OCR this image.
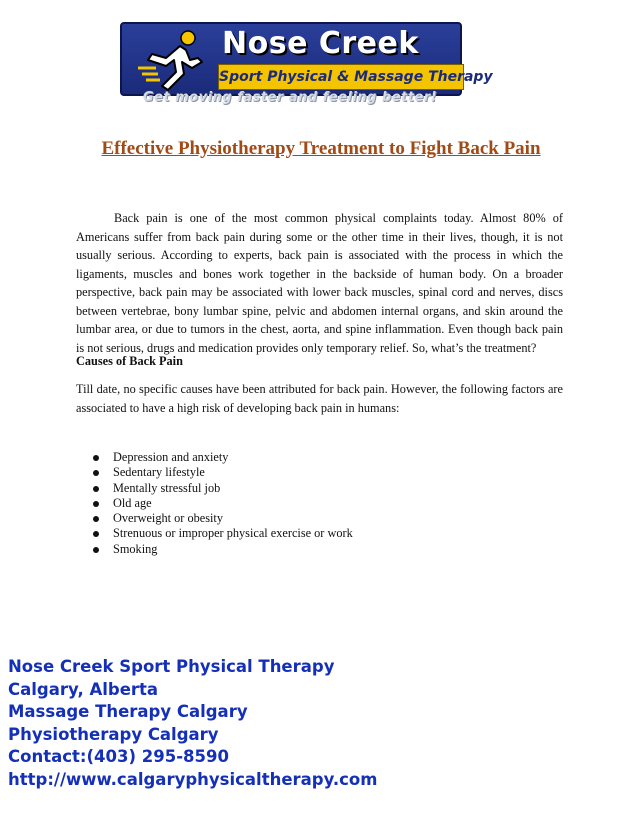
Nose Creek
Sport Physical & Massage Therapy
Get moving faster and feeling better!
Effective Physiotherapy Treatment to Fight Back Pain

Back pain is one of the most common physical complaints today. Almost 80% of Americans suffer from back pain during some or the other time in their lives, though, it is not usually serious. According to experts, back pain is associated with the process in which the ligaments, muscles and bones work together in the backside of human body. On a broader perspective, back pain may be associated with lower back muscles, spinal cord and nerves, discs between vertebrae, bony lumbar spine, pelvic and abdomen internal organs, and skin around the lumbar area, or due to tumors in the chest, aorta, and spine inflammation. Even though back pain is not serious, drugs and medication provides only temporary relief. So, what’s the treatment?

Causes of Back Pain

Till date, no specific causes have been attributed for back pain. However, the following factors are associated to have a high risk of developing back pain in humans:

Depression and anxiety
Sedentary lifestyle
Mentally stressful job
Old age
Overweight or obesity
Strenuous or improper physical exercise or work
Smoking
Nose Creek Sport Physical Therapy
Calgary, Alberta
Massage Therapy Calgary
Physiotherapy Calgary
Contact:(403) 295-8590
http://www.calgaryphysicaltherapy.com
